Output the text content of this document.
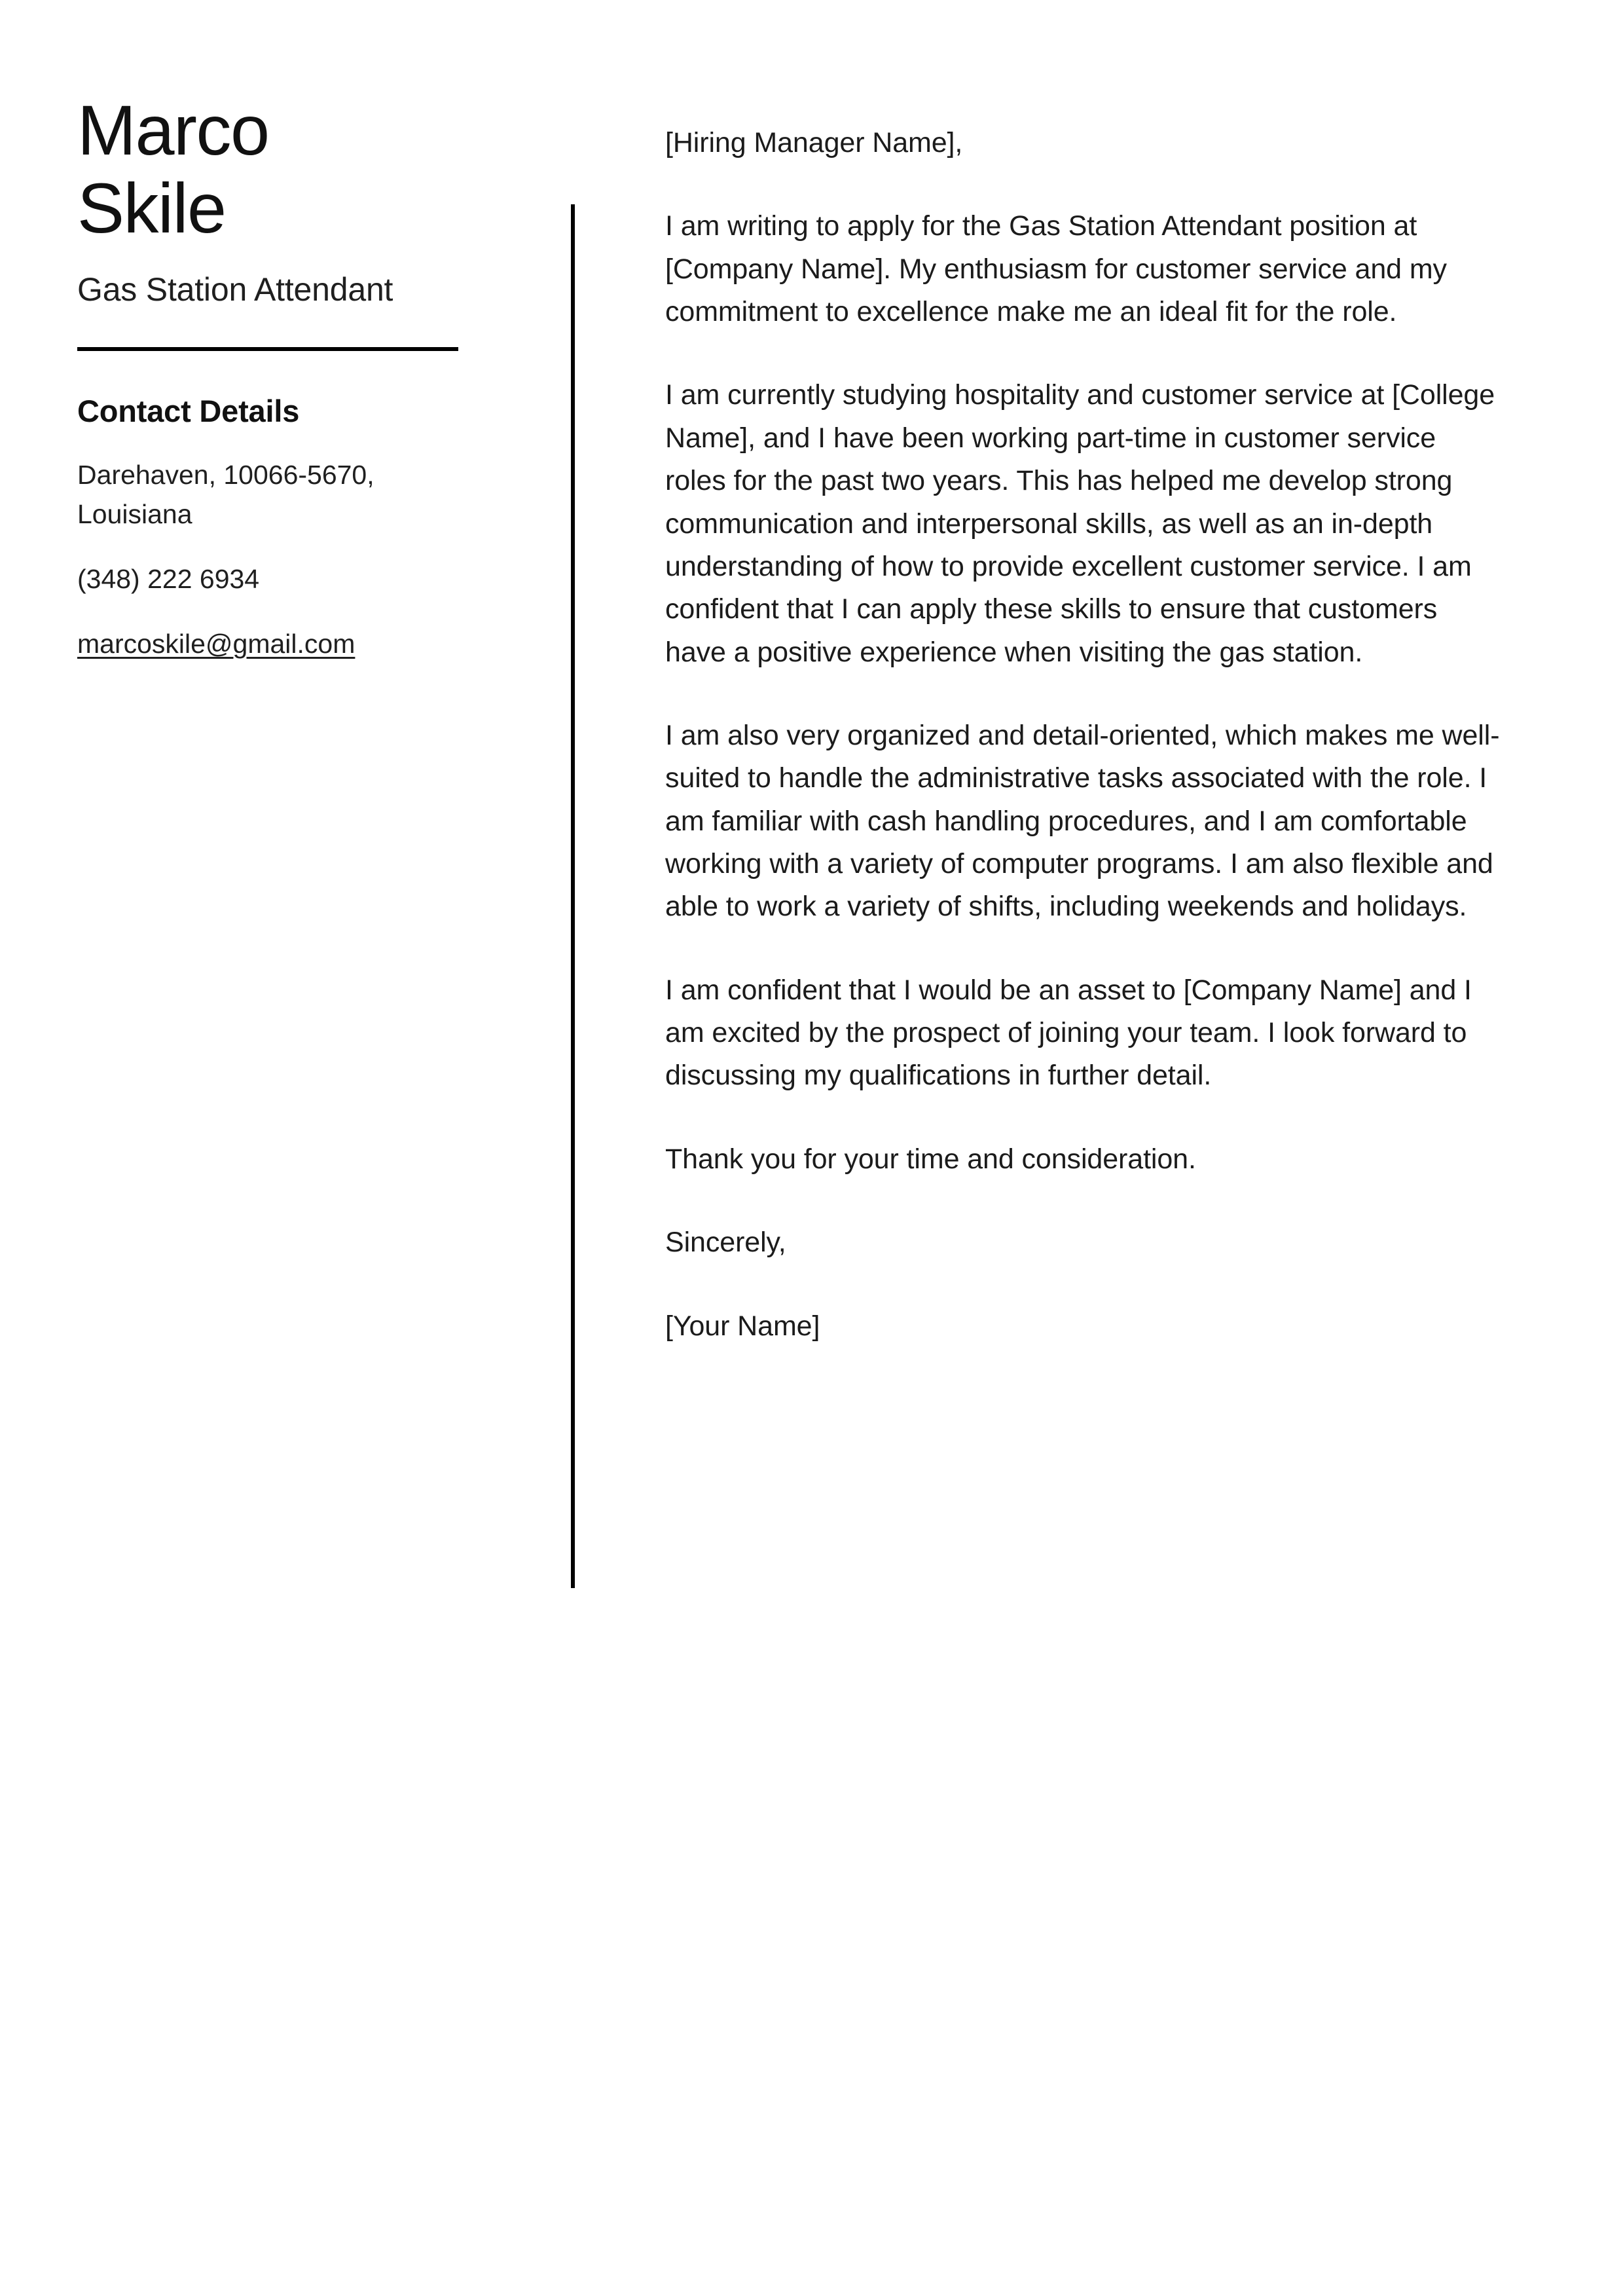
Marco
Skile
Gas Station Attendant
Contact Details
Darehaven, 10066-5670, Louisiana
(348) 222 6934
marcoskile@gmail.com

[Hiring Manager Name],

I am writing to apply for the Gas Station Attendant position at [Company Name]. My enthusiasm for customer service and my commitment to excellence make me an ideal fit for the role.

I am currently studying hospitality and customer service at [College Name], and I have been working part-time in customer service roles for the past two years. This has helped me develop strong communication and interpersonal skills, as well as an in-depth understanding of how to provide excellent customer service. I am confident that I can apply these skills to ensure that customers have a positive experience when visiting the gas station.

I am also very organized and detail-oriented, which makes me well-suited to handle the administrative tasks associated with the role. I am familiar with cash handling procedures, and I am comfortable working with a variety of computer programs. I am also flexible and able to work a variety of shifts, including weekends and holidays.

I am confident that I would be an asset to [Company Name] and I am excited by the prospect of joining your team. I look forward to discussing my qualifications in further detail.

Thank you for your time and consideration.

Sincerely,

[Your Name]
